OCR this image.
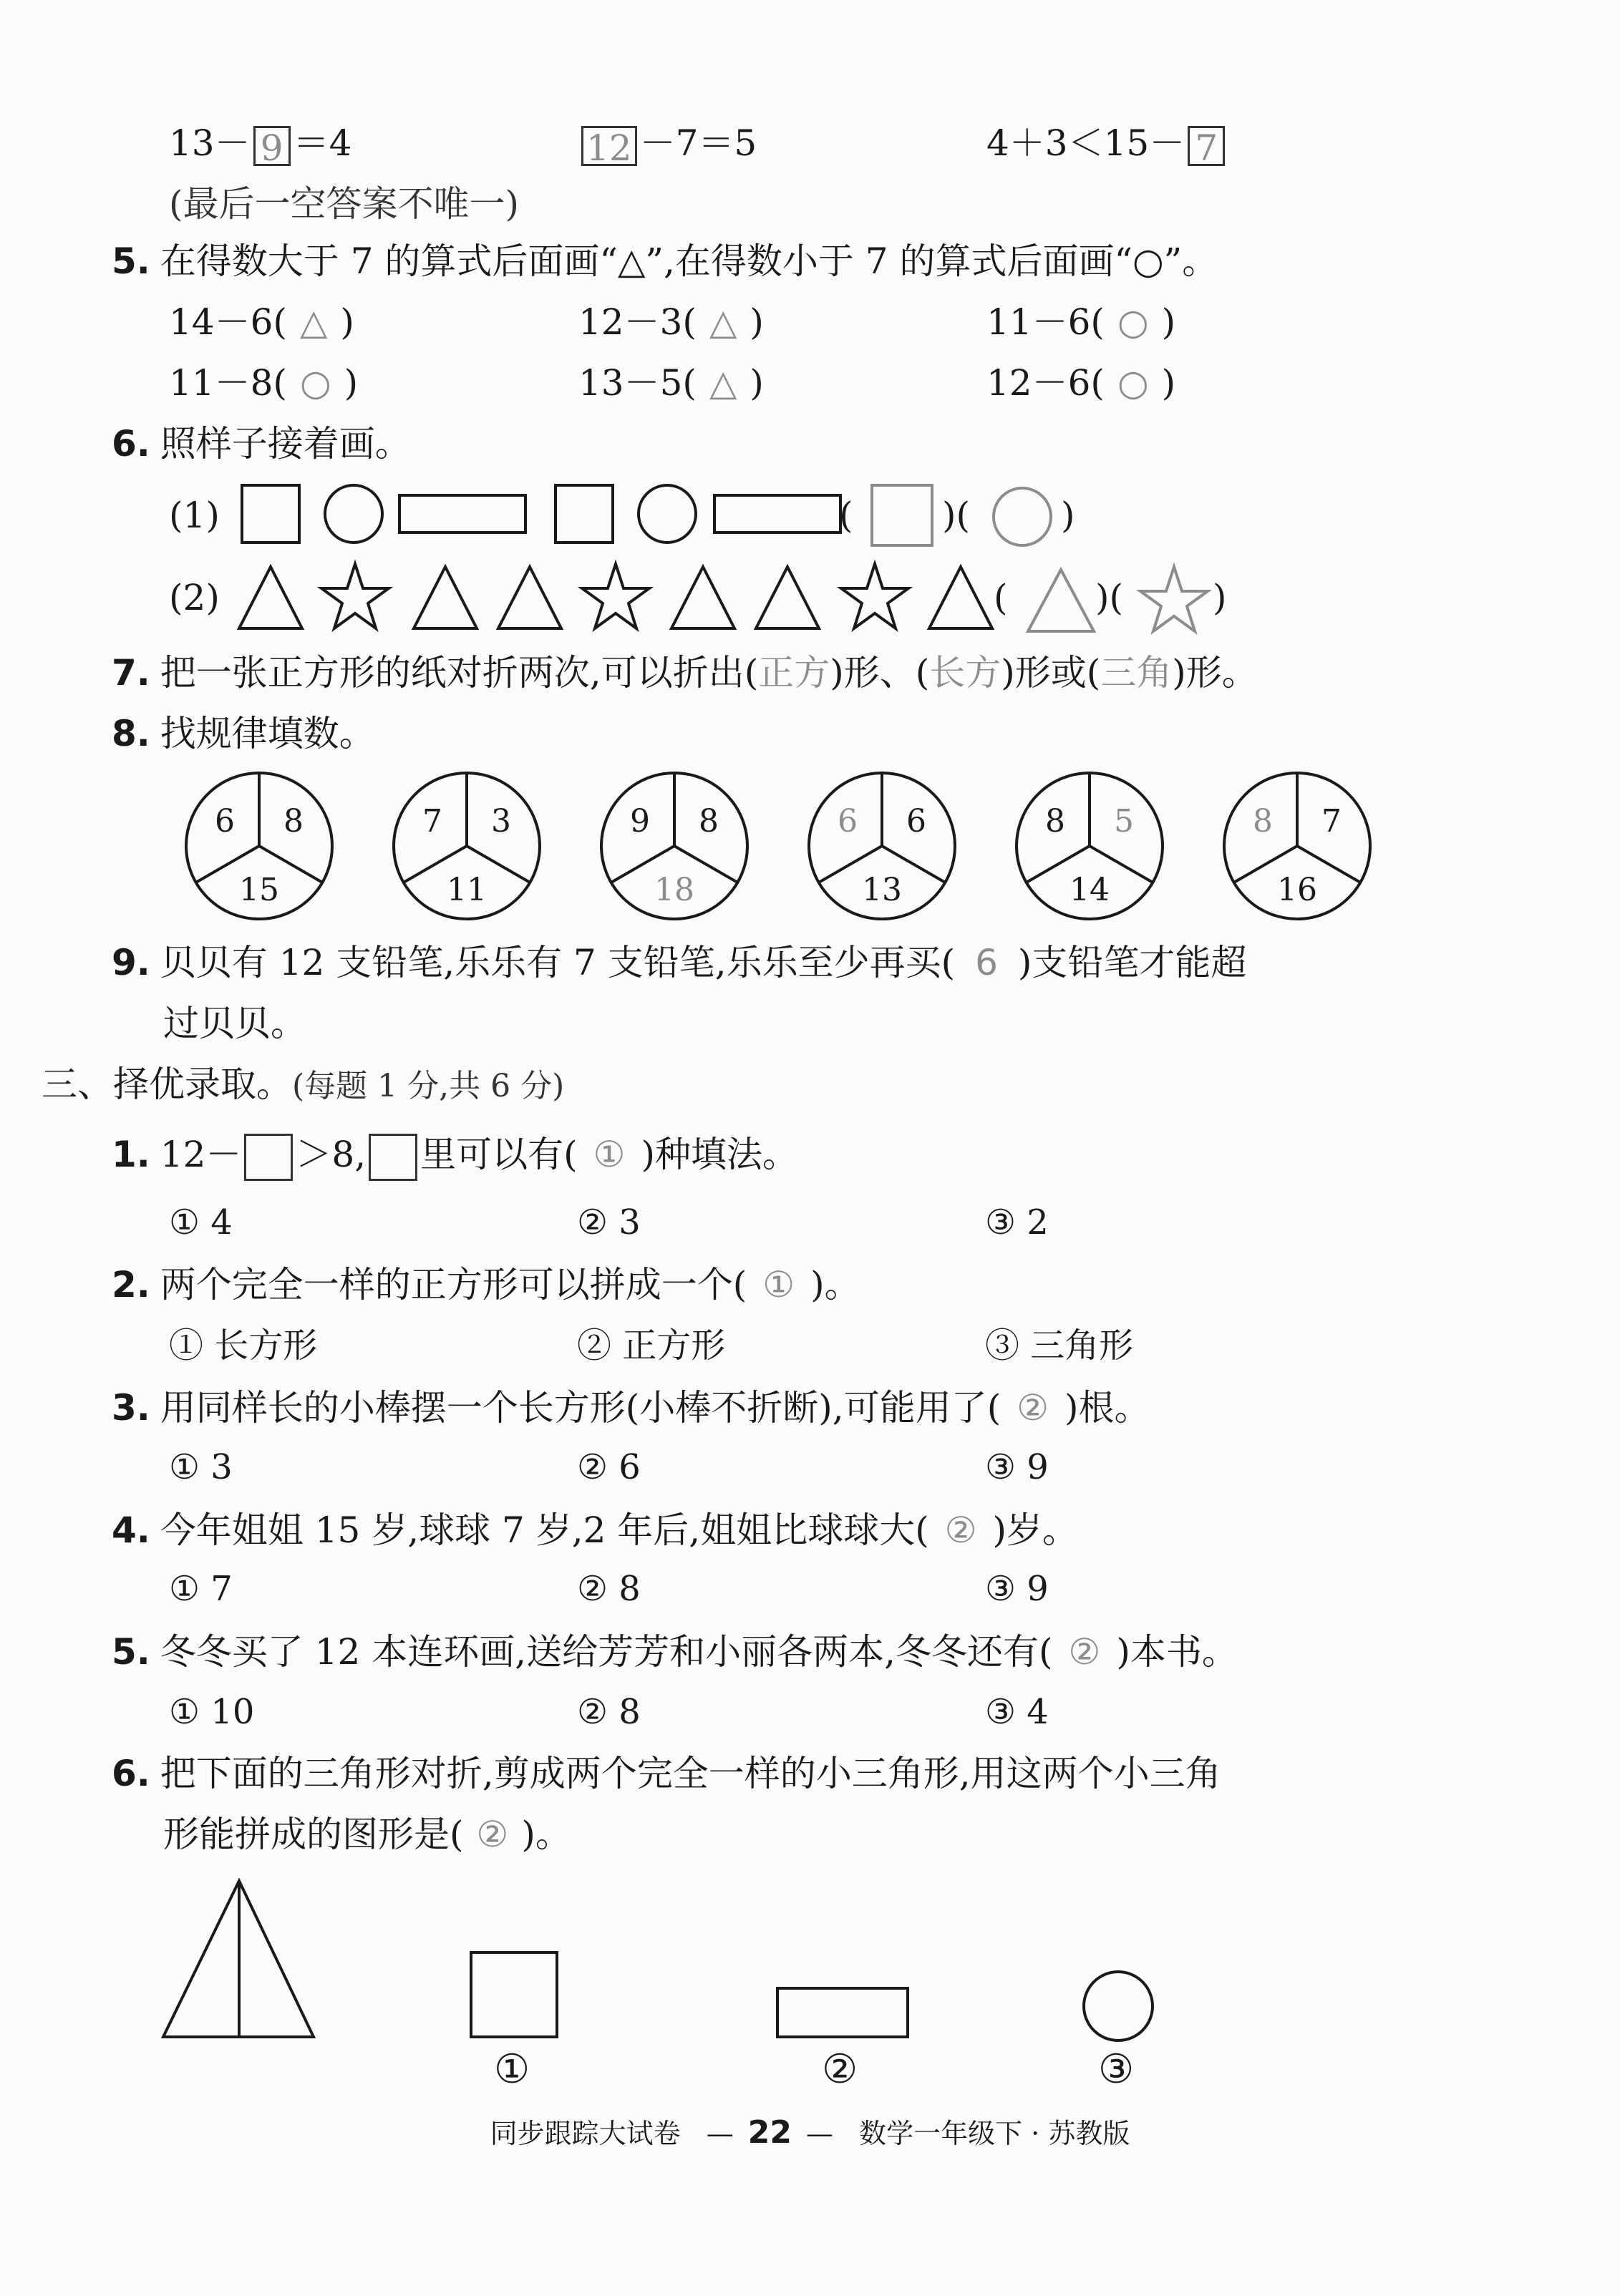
13－ 9 ＝4	12 －7＝5	4＋3＜15－ 7
(最后一空答案不唯一)
5. 在得数大于 7 的算式后面画“△”,在得数小于 7 的算式后面画“○”。
14－6( △ )	12－3( △ )	11－6( ○ )
11－8( ○ )	13－5( △ )	12－6( ○ )
6. 照样子接着画。
(1)
(2)
( )(	)
( )( )
6 8
15
7 3
11
9 8
18
6 6
13
8 5
14
8 7
16
7. 把一张正方形的纸对折两次,可以折出(正方)形、(长方)形或(三角)形。
8. 找规律填数。
9. 贝贝有 12 支铅笔,乐乐有 7 支铅笔,乐乐至少再买( 6 )支铅笔才能超
过贝贝。
三、择优录取。(每题 1 分,共 6 分)
1. 12－ ＞8, 里可以有( ① )种填法。
① 4	② 3	③ 2
2. 两个完全一样的正方形可以拼成一个( ① )。
① 长方形	② 正方形	③ 三角形
3. 用同样长的小棒摆一个长方形(小棒不折断),可能用了( ② )根。
① 3	② 6	③ 9
4. 今年姐姐 15 岁,球球 7 岁,2 年后,姐姐比球球大( ② )岁。
① 7	② 8	③ 9
5. 冬冬买了 12 本连环画,送给芳芳和小丽各两本,冬冬还有( ② )本书。
① 10	② 8	③ 4
6. 把下面的三角形对折,剪成两个完全一样的小三角形,用这两个小三角
形能拼成的图形是( ② )。
①	②	③
同步跟踪大试卷 — 22 — 数学一年级下 · 苏教版
